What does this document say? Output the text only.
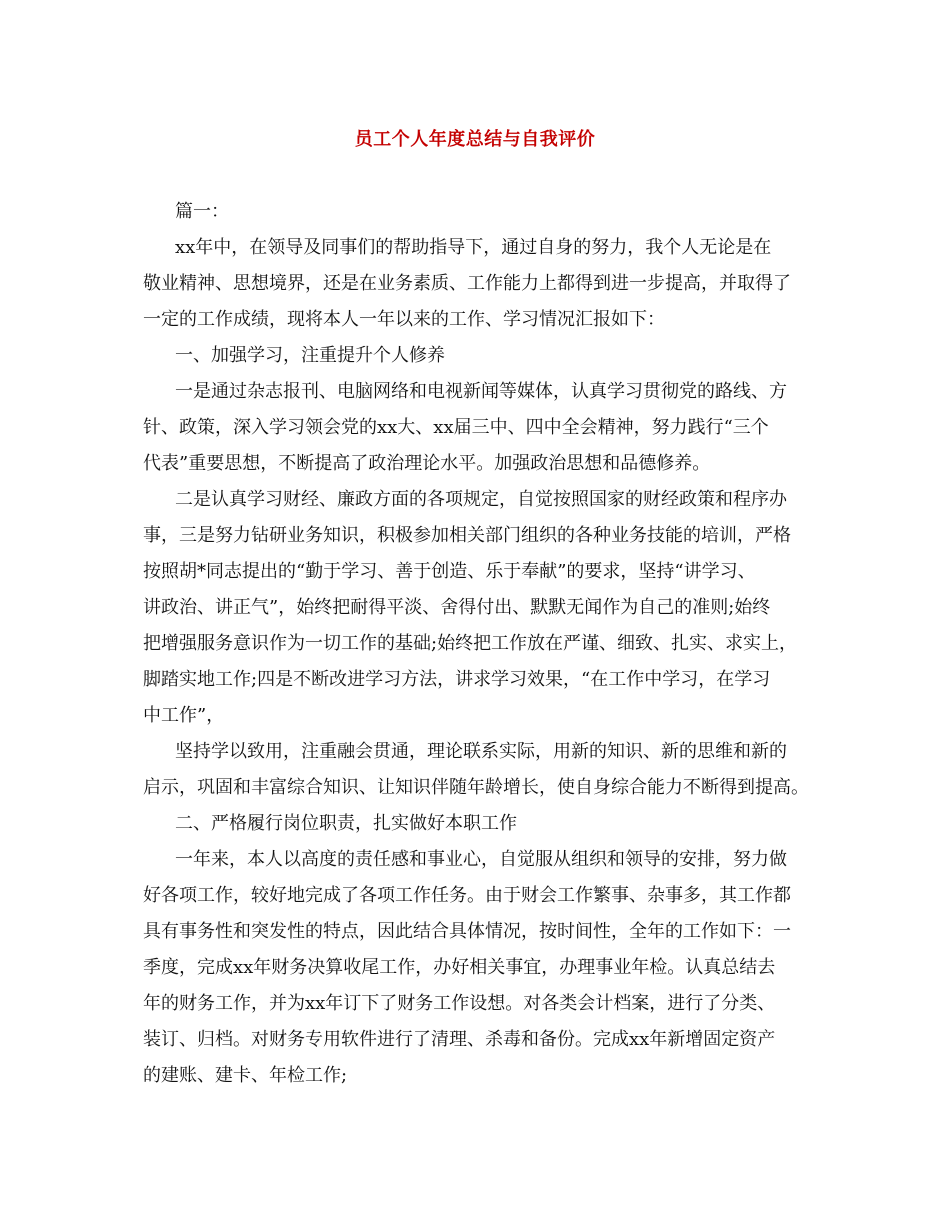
员工个人年度总结与自我评价
篇一：
xx年中，在领导及同事们的帮助指导下，通过自身的努力，我个人无论是在
敬业精神、思想境界，还是在业务素质、工作能力上都得到进一步提高，并取得了
一定的工作成绩，现将本人一年以来的工作、学习情况汇报如下：
一、加强学习，注重提升个人修养
一是通过杂志报刊、电脑网络和电视新闻等媒体，认真学习贯彻党的路线、方
针、政策，深入学习领会党的xx大、xx届三中、四中全会精神，努力践行“三个
代表”重要思想，不断提高了政治理论水平。加强政治思想和品德修养。
二是认真学习财经、廉政方面的各项规定，自觉按照国家的财经政策和程序办
事，三是努力钻研业务知识，积极参加相关部门组织的各种业务技能的培训，严格
按照胡*同志提出的“勤于学习、善于创造、乐于奉献”的要求，坚持“讲学习、
讲政治、讲正气”，始终把耐得平淡、舍得付出、默默无闻作为自己的准则;始终
把增强服务意识作为一切工作的基础;始终把工作放在严谨、细致、扎实、求实上，
脚踏实地工作;四是不断改进学习方法，讲求学习效果，“在工作中学习，在学习
中工作”，
坚持学以致用，注重融会贯通，理论联系实际，用新的知识、新的思维和新的
启示，巩固和丰富综合知识、让知识伴随年龄增长，使自身综合能力不断得到提高。
二、严格履行岗位职责，扎实做好本职工作
一年来，本人以高度的责任感和事业心，自觉服从组织和领导的安排，努力做
好各项工作，较好地完成了各项工作任务。由于财会工作繁事、杂事多，其工作都
具有事务性和突发性的特点，因此结合具体情况，按时间性，全年的工作如下：一
季度，完成xx年财务决算收尾工作，办好相关事宜，办理事业年检。认真总结去
年的财务工作，并为xx年订下了财务工作设想。对各类会计档案，进行了分类、
装订、归档。对财务专用软件进行了清理、杀毒和备份。完成xx年新增固定资产
的建账、建卡、年检工作;
